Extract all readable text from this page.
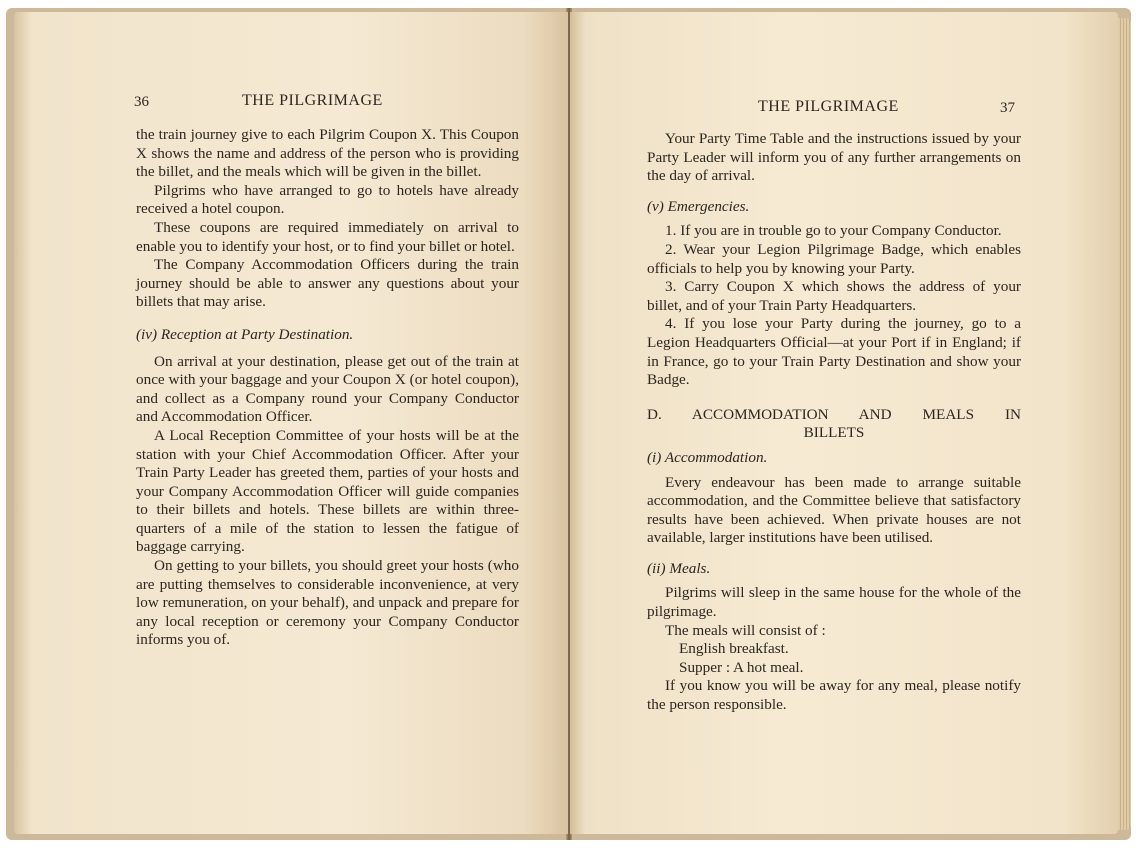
36	THE PILGRIMAGE

the train journey give to each Pilgrim Coupon X. This Coupon X shows the name and address of the person who is providing the billet, and the meals which will be given in the billet.

Pilgrims who have arranged to go to hotels have already received a hotel coupon.

These coupons are required immediately on arrival to enable you to identify your host, or to find your billet or hotel.

The Company Accommodation Officers during the train journey should be able to answer any questions about your billets that may arise.

(iv) Reception at Party Destination.

On arrival at your destination, please get out of the train at once with your baggage and your Coupon X (or hotel coupon), and collect as a Company round your Company Conductor and Accommodation Officer.

A Local Reception Committee of your hosts will be at the station with your Chief Accommodation Officer. After your Train Party Leader has greeted them, parties of your hosts and your Company Accommodation Officer will guide companies to their billets and hotels. These billets are within three-quarters of a mile of the station to lessen the fatigue of baggage carrying.

On getting to your billets, you should greet your hosts (who are putting themselves to considerable inconvenience, at very low remuneration, on your behalf), and unpack and prepare for any local reception or ceremony your Company Conductor informs you of.

THE PILGRIMAGE	37

Your Party Time Table and the instructions issued by your Party Leader will inform you of any further arrangements on the day of arrival.

(v) Emergencies.

1. If you are in trouble go to your Company Conductor.

2. Wear your Legion Pilgrimage Badge, which enables officials to help you by knowing your Party.

3. Carry Coupon X which shows the address of your billet, and of your Train Party Headquarters.

4. If you lose your Party during the journey, go to a Legion Headquarters Official—at your Port if in England; if in France, go to your Train Party Destination and show your Badge.

D. ACCOMMODATION AND MEALS IN

BILLETS

(i) Accommodation.

Every endeavour has been made to arrange suitable accommodation, and the Committee believe that satisfactory results have been achieved. When private houses are not available, larger institutions have been utilised.

(ii) Meals.

Pilgrims will sleep in the same house for the whole of the pilgrimage.

The meals will consist of :

English breakfast.

Supper : A hot meal.

If you know you will be away for any meal, please notify the person responsible.
